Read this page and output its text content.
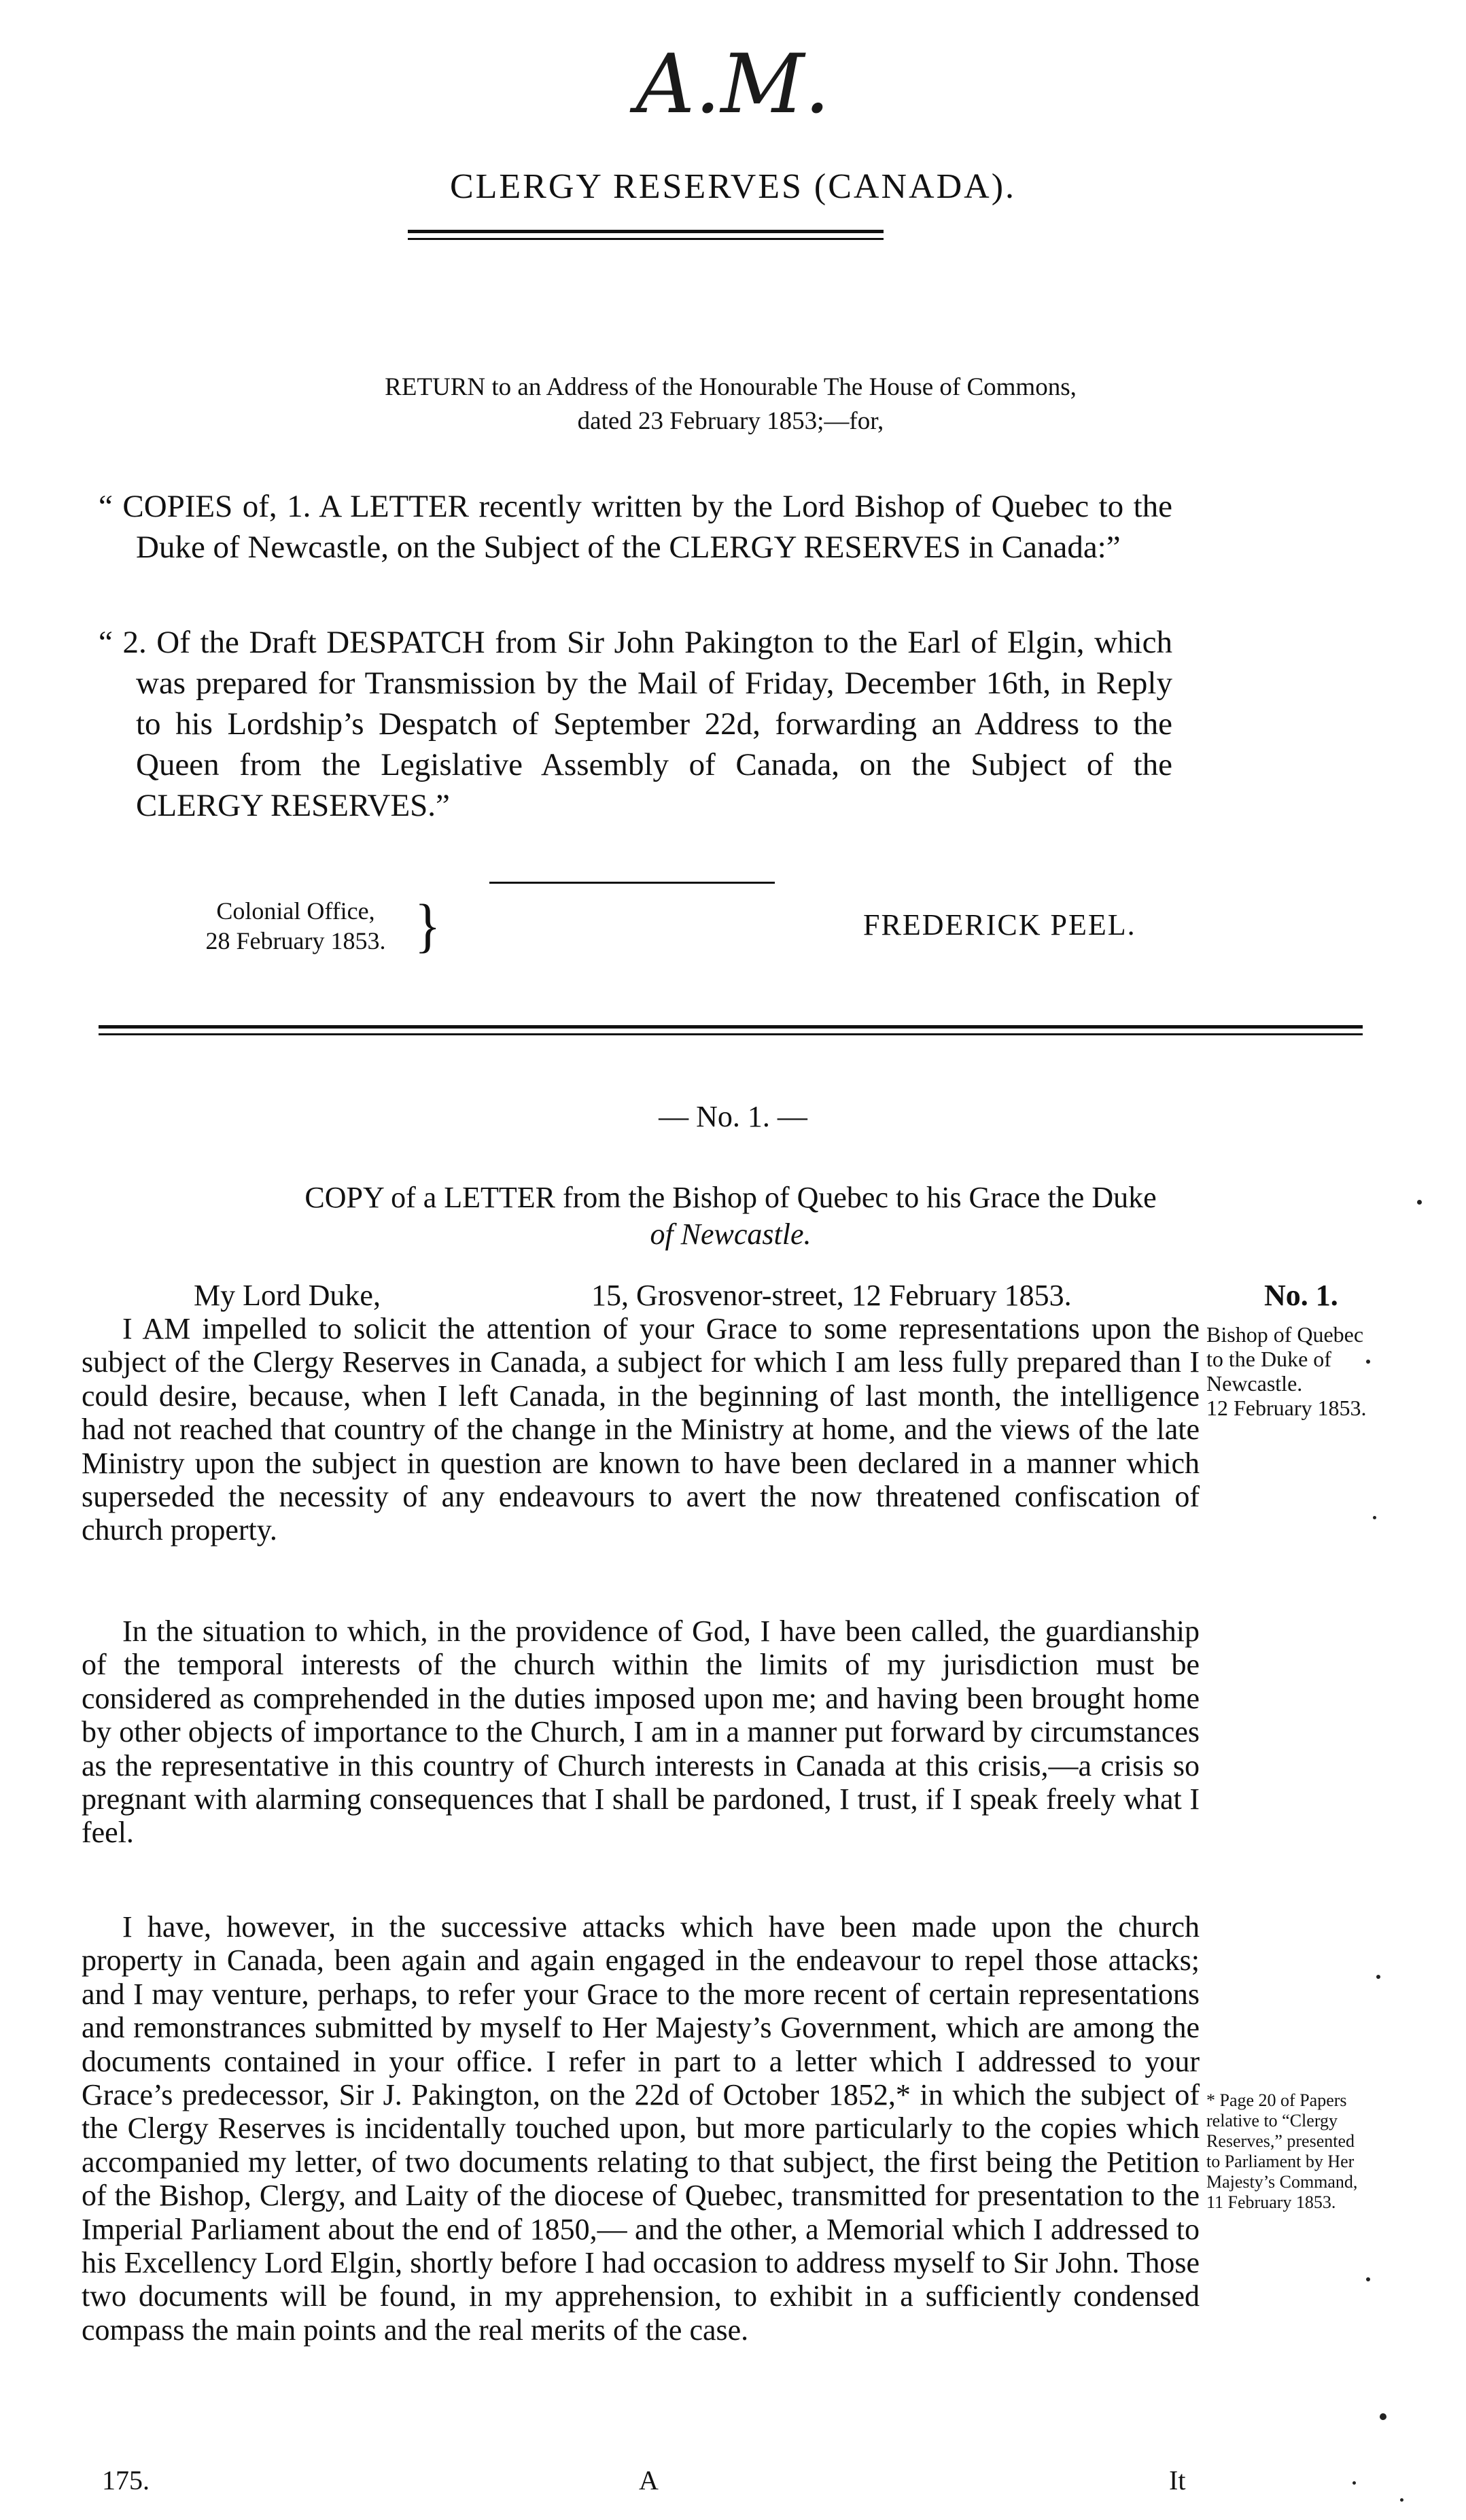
A.M.
CLERGY RESERVES (CANADA).
RETURN to an Address of the Honourable The House of Commons,
dated 23 February 1853;—for,

“ COPIES of, 1. A LETTER recently written by the Lord Bishop of Quebec to the Duke of Newcastle, on the Subject of the CLERGY RESERVES in Canada:”

“ 2. Of the Draft DESPATCH from Sir John Pakington to the Earl of Elgin, which was prepared for Transmission by the Mail of Friday, December 16th, in Reply to his Lordship’s Despatch of September 22d, forwarding an Address to the Queen from the Legislative Assembly of Canada, on the Subject of the CLERGY RESERVES.”

Colonial Office,
28 February 1853. }	FREDERICK PEEL.
— No. 1. —
COPY of a LETTER from the Bishop of Quebec to his Grace the Duke
of Newcastle.
My Lord Duke,	15, Grosvenor-street, 12 February 1853.

I AM impelled to solicit the attention of your Grace to some representations upon the subject of the Clergy Reserves in Canada, a subject for which I am less fully prepared than I could desire, because, when I left Canada, in the beginning of last month, the intelligence had not reached that country of the change in the Ministry at home, and the views of the late Ministry upon the subject in question are known to have been declared in a manner which superseded the necessity of any endeavours to avert the now threatened confiscation of church property.

In the situation to which, in the providence of God, I have been called, the guardianship of the temporal interests of the church within the limits of my jurisdiction must be considered as comprehended in the duties imposed upon me; and having been brought home by other objects of importance to the Church, I am in a manner put forward by circumstances as the representative in this country of Church interests in Canada at this crisis,—a crisis so pregnant with alarming consequences that I shall be pardoned, I trust, if I speak freely what I feel.

I have, however, in the successive attacks which have been made upon the church property in Canada, been again and again engaged in the endeavour to repel those attacks; and I may venture, perhaps, to refer your Grace to the more recent of certain representations and remonstrances submitted by myself to Her Majesty’s Government, which are among the documents contained in your office. I refer in part to a letter which I addressed to your Grace’s predecessor, Sir J. Pakington, on the 22d of October 1852,* in which the subject of the Clergy Reserves is incidentally touched upon, but more particularly to the copies which accompanied my letter, of two documents relating to that subject, the first being the Petition of the Bishop, Clergy, and Laity of the diocese of Quebec, transmitted for presentation to the Imperial Parliament about the end of 1850,— and the other, a Memorial which I addressed to his Excellency Lord Elgin, shortly before I had occasion to address myself to Sir John. Those two documents will be found, in my apprehension, to exhibit in a sufficiently condensed compass the main points and the real merits of the case.

No. 1.
Bishop of Quebec
to the Duke of
Newcastle.
12 February 1853.
* Page 20 of Papers
relative to “Clergy
Reserves,” presented
to Parliament by Her
Majesty’s Command,
11 February 1853.
175.	A	It
